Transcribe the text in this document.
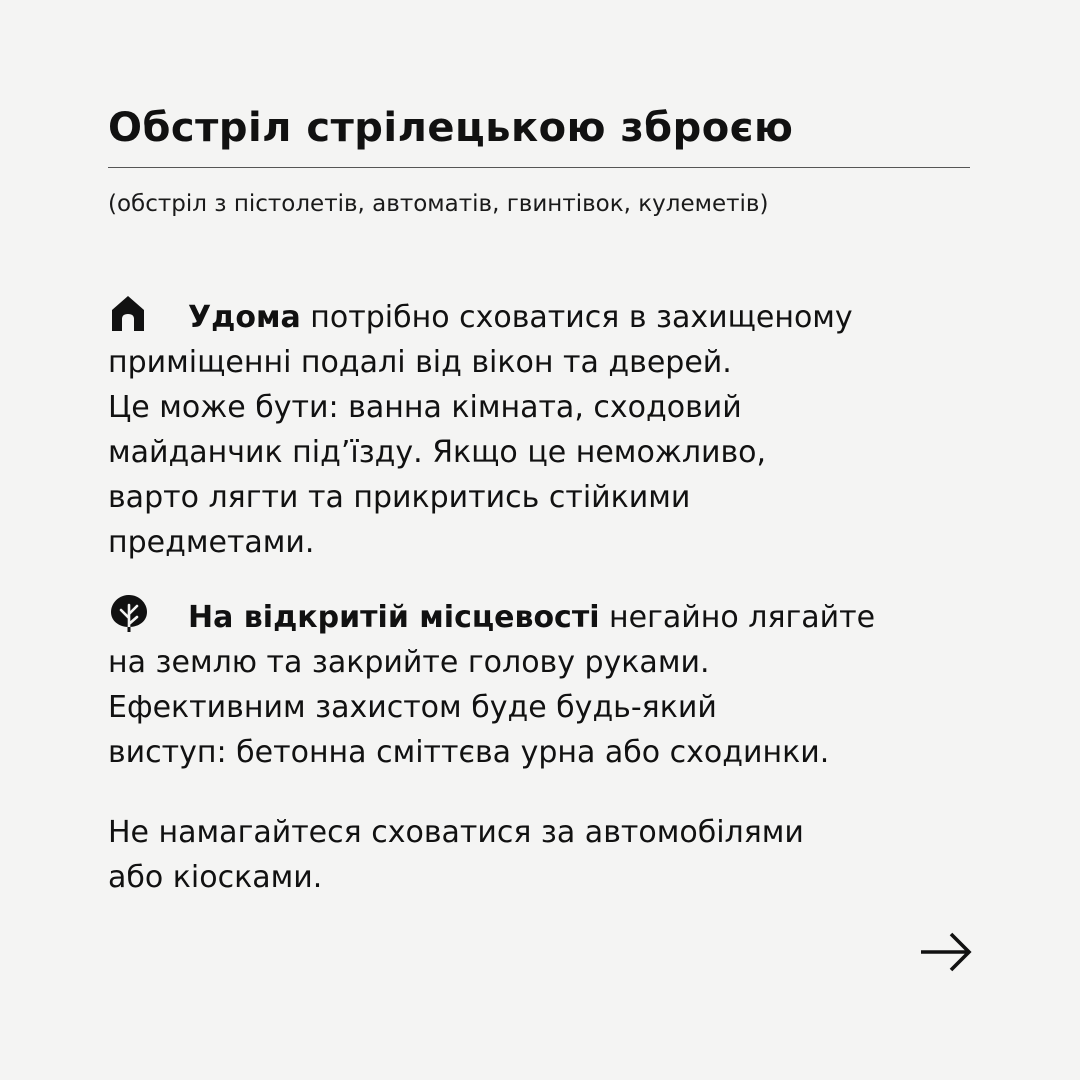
Обстріл стрілецькою зброєю
(обстріл з пістолетів, автоматів, гвинтівок, кулеметів)

Удома потрібно сховатися в захищеному

приміщенні подалі від вікон та дверей.

Це може бути: ванна кімната, сходовий

майданчик під’їзду. Якщо це неможливо,

варто лягти та прикритись стійкими

предметами.

На відкритій місцевості негайно лягайте

на землю та закрийте голову руками.

Ефективним захистом буде будь-який

виступ: бетонна сміттєва урна або сходинки.

Не намагайтеся сховатися за автомобілями

або кіосками.
